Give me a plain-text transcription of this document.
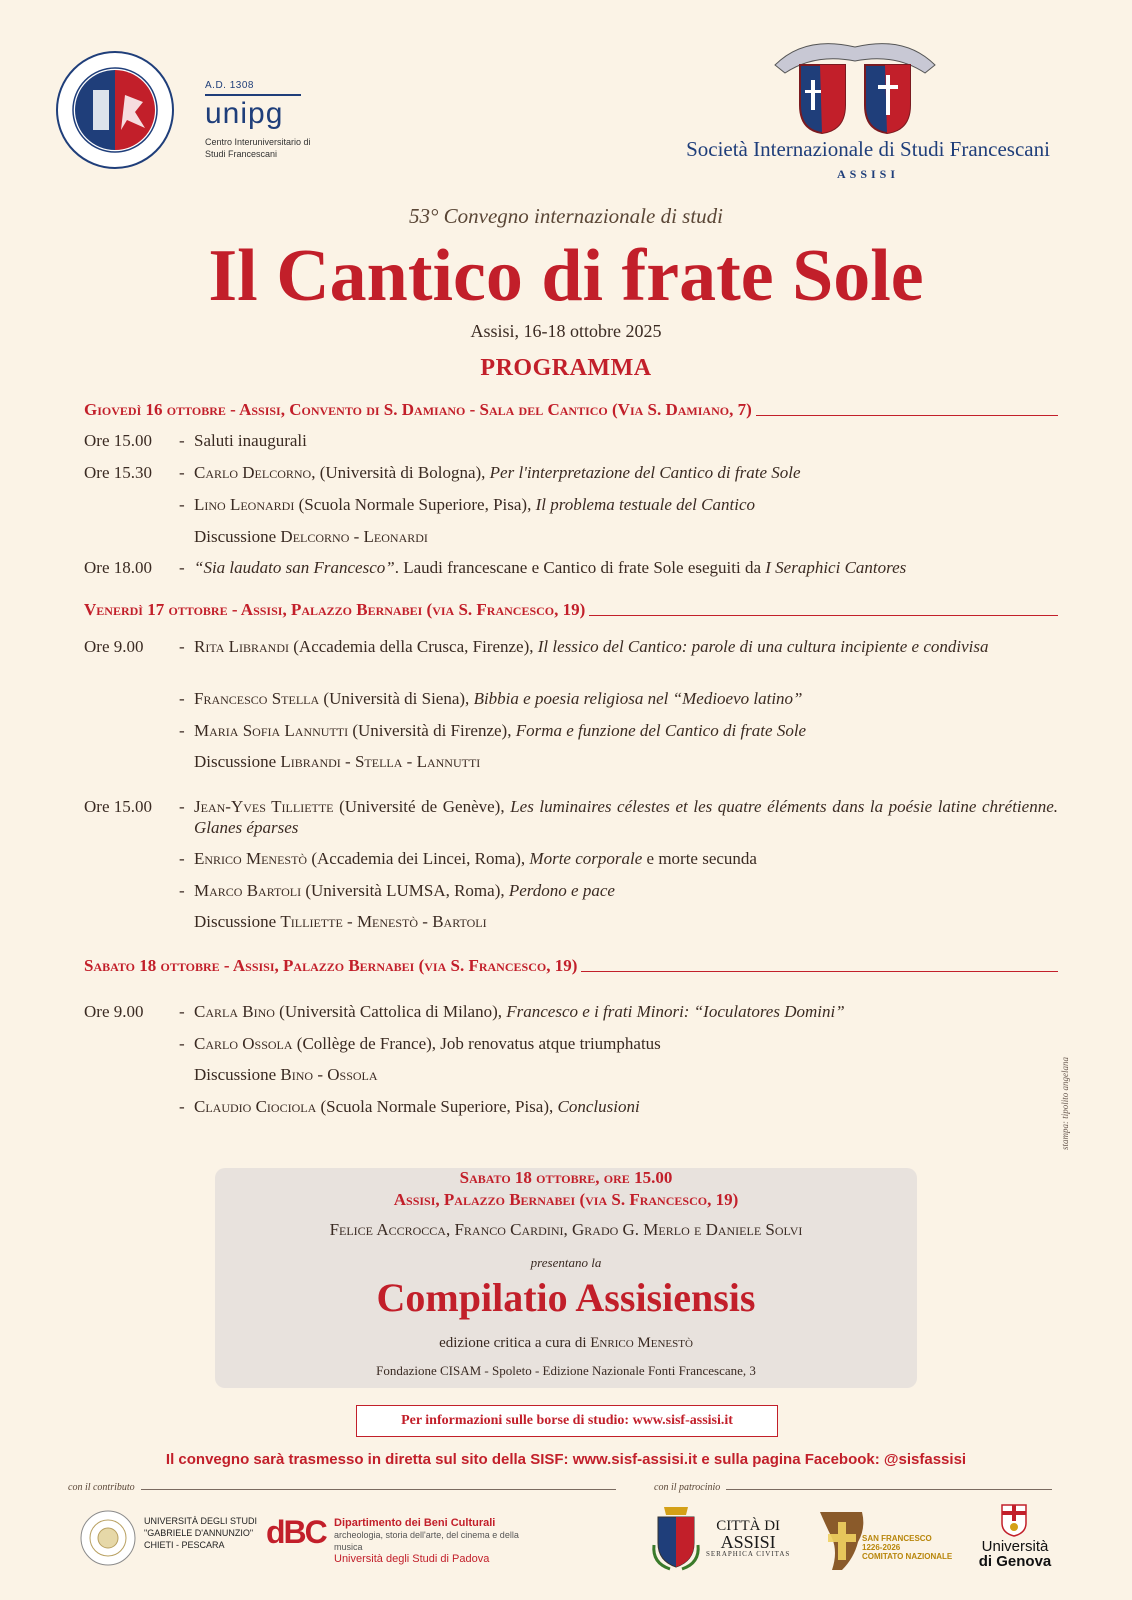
A.D. 1308
unipg
Centro Interuniversitario di Studi Francescani	Società Internazionale di Studi Francescani
ASSISI
53° Convegno internazionale di studi
Il Cantico di frate Sole
Assisi, 16-18 ottobre 2025
PROGRAMMA
Giovedì 16 ottobre - Assisi, Convento di S. Damiano - Sala del Cantico (Via S. Damiano, 7)
Ore 15.00	- Saluti inaugurali
Ore 15.30	- Carlo Delcorno, (Università di Bologna), Per l'interpretazione del Cantico di frate Sole
- Lino Leonardi (Scuola Normale Superiore, Pisa), Il problema testuale del Cantico
Discussione Delcorno - Leonardi
Ore 18.00	- “Sia laudato san Francesco”. Laudi francescane e Cantico di frate Sole eseguiti da I Seraphici Cantores
Venerdì 17 ottobre - Assisi, Palazzo Bernabei (via S. Francesco, 19)
Ore 9.00	- Rita Librandi (Accademia della Crusca, Firenze), Il lessico del Cantico: parole di una cultura incipiente e condivisa
- Francesco Stella (Università di Siena), Bibbia e poesia religiosa nel “Medioevo latino”
- Maria Sofia Lannutti (Università di Firenze), Forma e funzione del Cantico di frate Sole
Discussione Librandi - Stella - Lannutti
Ore 15.00	- Jean-Yves Tilliette (Université de Genève), Les luminaires célestes et les quatre éléments dans la poésie latine chrétienne. Glanes éparses
- Enrico Menestò (Accademia dei Lincei, Roma), Morte corporale e morte secunda
- Marco Bartoli (Università LUMSA, Roma), Perdono e pace
Discussione Tilliette - Menestò - Bartoli
Sabato 18 ottobre - Assisi, Palazzo Bernabei (via S. Francesco, 19)
Ore 9.00	- Carla Bino (Università Cattolica di Milano), Francesco e i frati Minori: “Ioculatores Domini”
- Carlo Ossola (Collège de France), Job renovatus atque triumphatus
Discussione Bino - Ossola
- Claudio Ciociola (Scuola Normale Superiore, Pisa), Conclusioni
Sabato 18 ottobre, ore 15.00
Assisi, Palazzo Bernabei (via S. Francesco, 19)
Felice Accrocca, Franco Cardini, Grado G. Merlo e Daniele Solvi
presentano la
Compilatio Assisiensis
edizione critica a cura di Enrico Menestò
Fondazione CISAM - Spoleto - Edizione Nazionale Fonti Francescane, 3
Per informazioni sulle borse di studio: www.sisf-assisi.it
Il convegno sarà trasmesso in diretta sul sito della SISF: www.sisf-assisi.it e sulla pagina Facebook: @sisfassisi
stampa: tipolito angelana
con il contributo	con il patrocinio
UNIVERSITÀ DEGLI STUDI
"GABRIELE D'ANNUNZIO"
CHIETI - PESCARA	dBC Dipartimento dei Beni Culturali
archeologia, storia dell'arte, del cinema e della musica
Università degli Studi di Padova
CITTÀ DI
ASSISI
SERAPHICA CIVITAS
SAN FRANCESCO
1226-2026
COMITATO NAZIONALE
Università
di Genova
